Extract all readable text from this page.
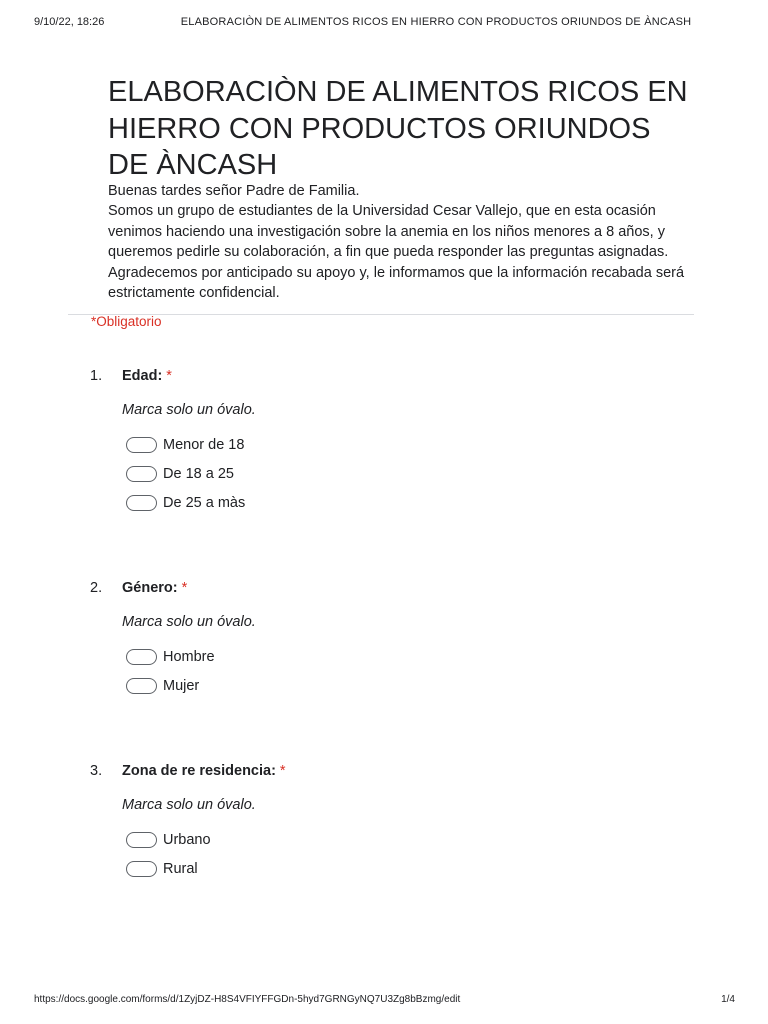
9/10/22, 18:26	ELABORACIÒN DE ALIMENTOS RICOS EN HIERRO CON PRODUCTOS ORIUNDOS DE ÀNCASH
ELABORACIÒN DE ALIMENTOS RICOS EN HIERRO CON PRODUCTOS ORIUNDOS DE ÀNCASH

Buenas tardes señor Padre de Familia.

Somos un grupo de estudiantes de la Universidad Cesar Vallejo, que en esta ocasión venimos haciendo una investigación sobre la anemia en los niños menores a 8 años, y queremos pedirle su colaboración, a fin que pueda responder las preguntas asignadas. Agradecemos por anticipado su apoyo y, le informamos que la información recabada será estrictamente confidencial.

*Obligatorio
1. Edad: *
Marca solo un óvalo.
Menor de 18
De 18 a 25
De 25 a màs
2. Género: *
Marca solo un óvalo.
Hombre
Mujer
3. Zona de re residencia: *
Marca solo un óvalo.
Urbano
Rural
https://docs.google.com/forms/d/1ZyjDZ-H8S4VFIYFFGDn-5hyd7GRNGyNQ7U3Zg8bBzmg/edit	1/4
